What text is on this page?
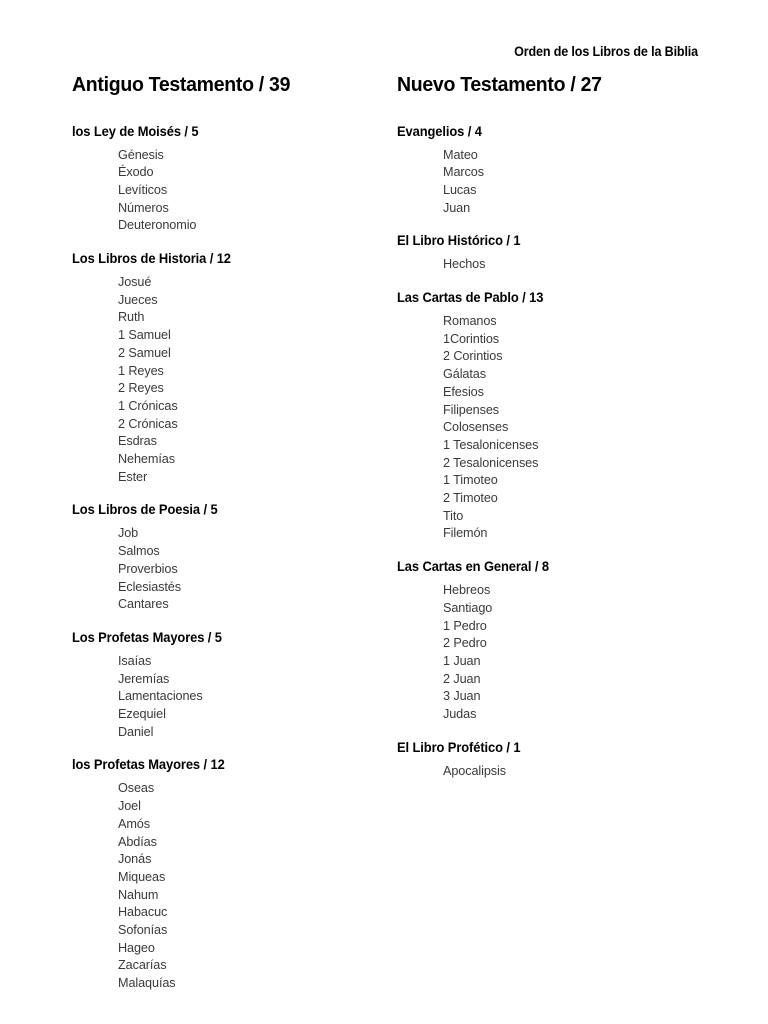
Orden de los Libros de la Biblia
Antiguo Testamento / 39
los Ley de Moisés / 5
Génesis
Éxodo
Levíticos
Números
Deuteronomio
Los Libros de Historia / 12
Josué
Jueces
Ruth
1 Samuel
2 Samuel
1 Reyes
2 Reyes
1 Crónicas
2 Crónicas
Esdras
Nehemías
Ester
Los Libros de Poesia / 5
Job
Salmos
Proverbios
Eclesiastés
Cantares
Los Profetas Mayores / 5
Isaías
Jeremías
Lamentaciones
Ezequiel
Daniel
los Profetas Mayores / 12
Oseas
Joel
Amós
Abdías
Jonás
Miqueas
Nahum
Habacuc
Sofonías
Hageo
Zacarías
Malaquías
Nuevo Testamento / 27
Evangelios / 4
Mateo
Marcos
Lucas
Juan
El Libro Histórico / 1
Hechos
Las Cartas de Pablo / 13
Romanos
1Corintios
2 Corintios
Gálatas
Efesios
Filipenses
Colosenses
1 Tesalonicenses
2 Tesalonicenses
1 Timoteo
2 Timoteo
Tito
Filemón
Las Cartas en General / 8
Hebreos
Santiago
1 Pedro
2 Pedro
1 Juan
2 Juan
3 Juan
Judas
El Libro Profético / 1
Apocalipsis
